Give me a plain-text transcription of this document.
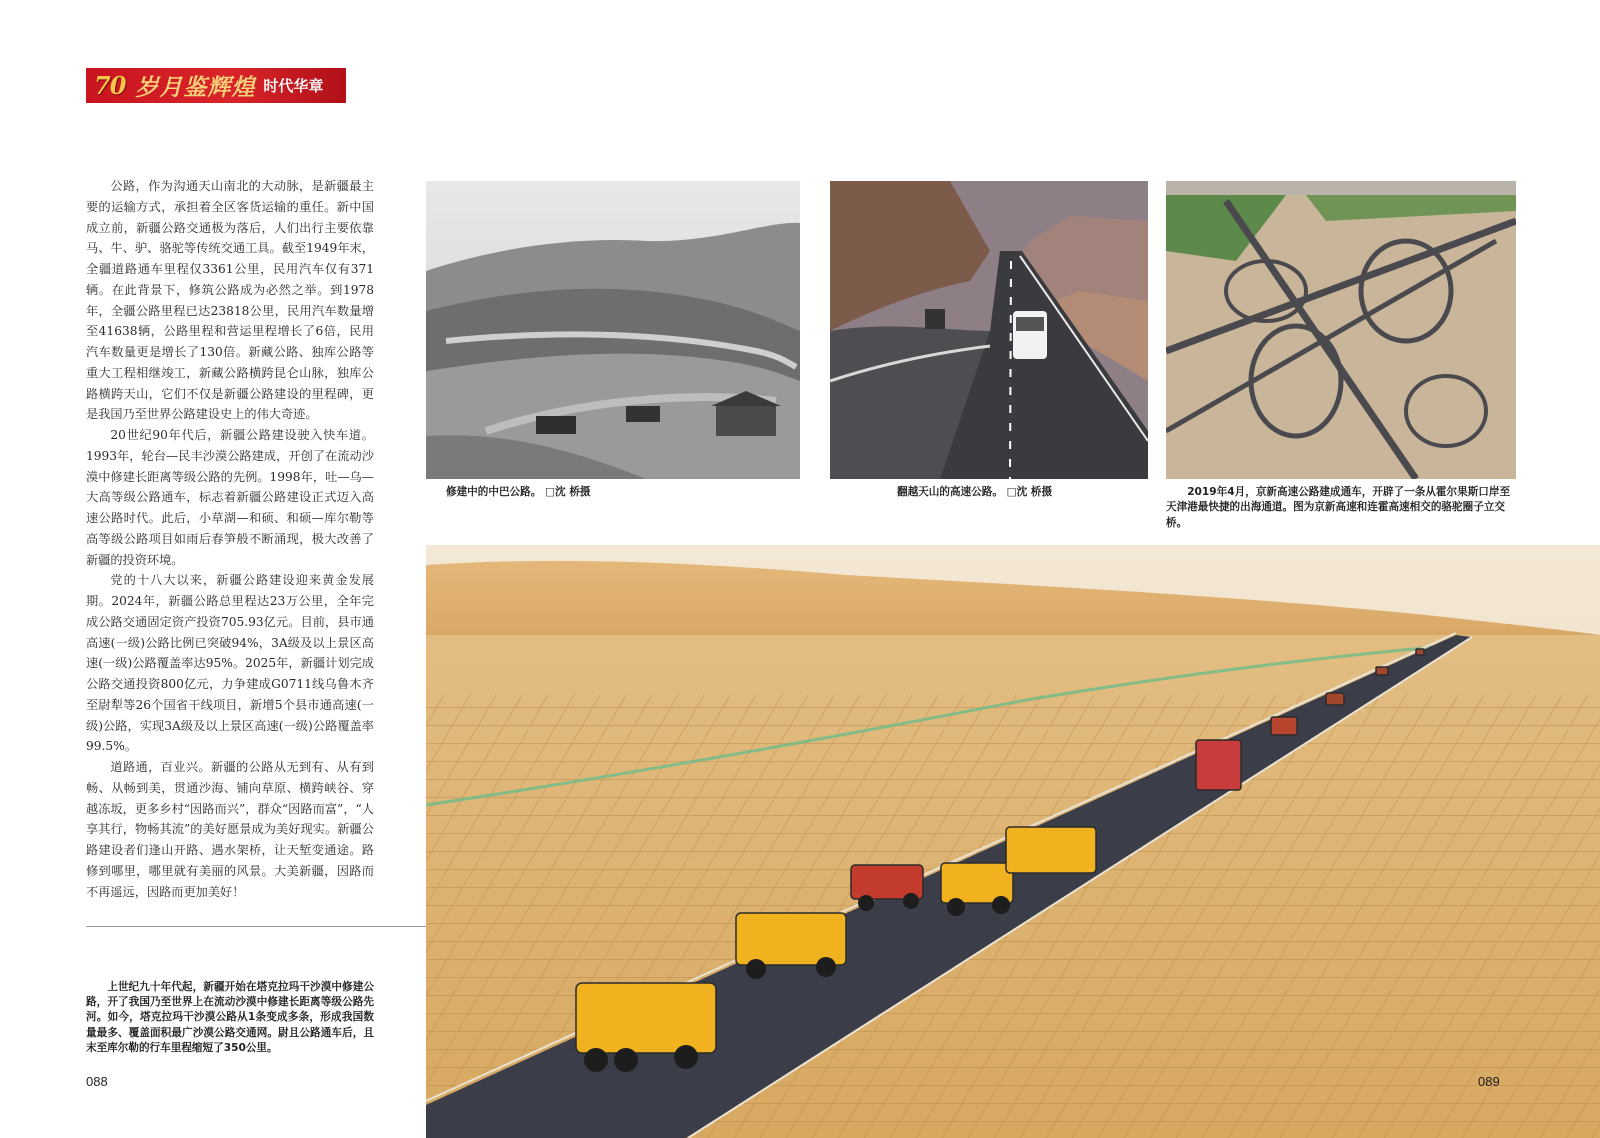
70 岁月鉴辉煌 时代华章

公路，作为沟通天山南北的大动脉，是新疆最主要的运输方式，承担着全区客货运输的重任。新中国成立前，新疆公路交通极为落后，人们出行主要依靠马、牛、驴、骆驼等传统交通工具。截至1949年末，全疆道路通车里程仅3361公里，民用汽车仅有371辆。在此背景下，修筑公路成为必然之举。到1978年，全疆公路里程已达23818公里，民用汽车数量增至41638辆，公路里程和营运里程增长了6倍，民用汽车数量更是增长了130倍。新藏公路、独库公路等重大工程相继竣工，新藏公路横跨昆仑山脉，独库公路横跨天山，它们不仅是新疆公路建设的里程碑，更是我国乃至世界公路建设史上的伟大奇迹。

20世纪90年代后，新疆公路建设驶入快车道。1993年，轮台—民丰沙漠公路建成，开创了在流动沙漠中修建长距离等级公路的先例。1998年，吐—乌—大高等级公路通车，标志着新疆公路建设正式迈入高速公路时代。此后，小草湖—和硕、和硕—库尔勒等高等级公路项目如雨后春笋般不断涌现，极大改善了新疆的投资环境。

党的十八大以来，新疆公路建设迎来黄金发展期。2024年，新疆公路总里程达23万公里，全年完成公路交通固定资产投资705.93亿元。目前，县市通高速(一级)公路比例已突破94%，3A级及以上景区高速(一级)公路覆盖率达95%。2025年，新疆计划完成公路交通投资800亿元，力争建成G0711线乌鲁木齐至尉犁等26个国省干线项目，新增5个县市通高速(一级)公路，实现3A级及以上景区高速(一级)公路覆盖率99.5%。

道路通，百业兴。新疆的公路从无到有、从有到畅、从畅到美，贯通沙海、铺向草原、横跨峡谷、穿越冻坂，更多乡村“因路而兴”，群众“因路而富”，“人享其行，物畅其流”的美好愿景成为美好现实。新疆公路建设者们逢山开路、遇水架桥，让天堑变通途。路修到哪里，哪里就有美丽的风景。大美新疆，因路而不再遥远，因路而更加美好！

上世纪九十年代起，新疆开始在塔克拉玛干沙漠中修建公路，开了我国乃至世界上在流动沙漠中修建长距离等级公路先河。如今，塔克拉玛干沙漠公路从1条变成多条，形成我国数量最多、覆盖面积最广沙漠公路交通网。尉且公路通车后，且末至库尔勒的行车里程缩短了350公里。
修建中的中巴公路。 □沈 桥摄	翻越天山的高速公路。 □沈 桥摄	2019年4月，京新高速公路建成通车，开辟了一条从霍尔果斯口岸至天津港最快捷的出海通道。图为京新高速和连霍高速相交的骆驼圈子立交桥。
088	089
